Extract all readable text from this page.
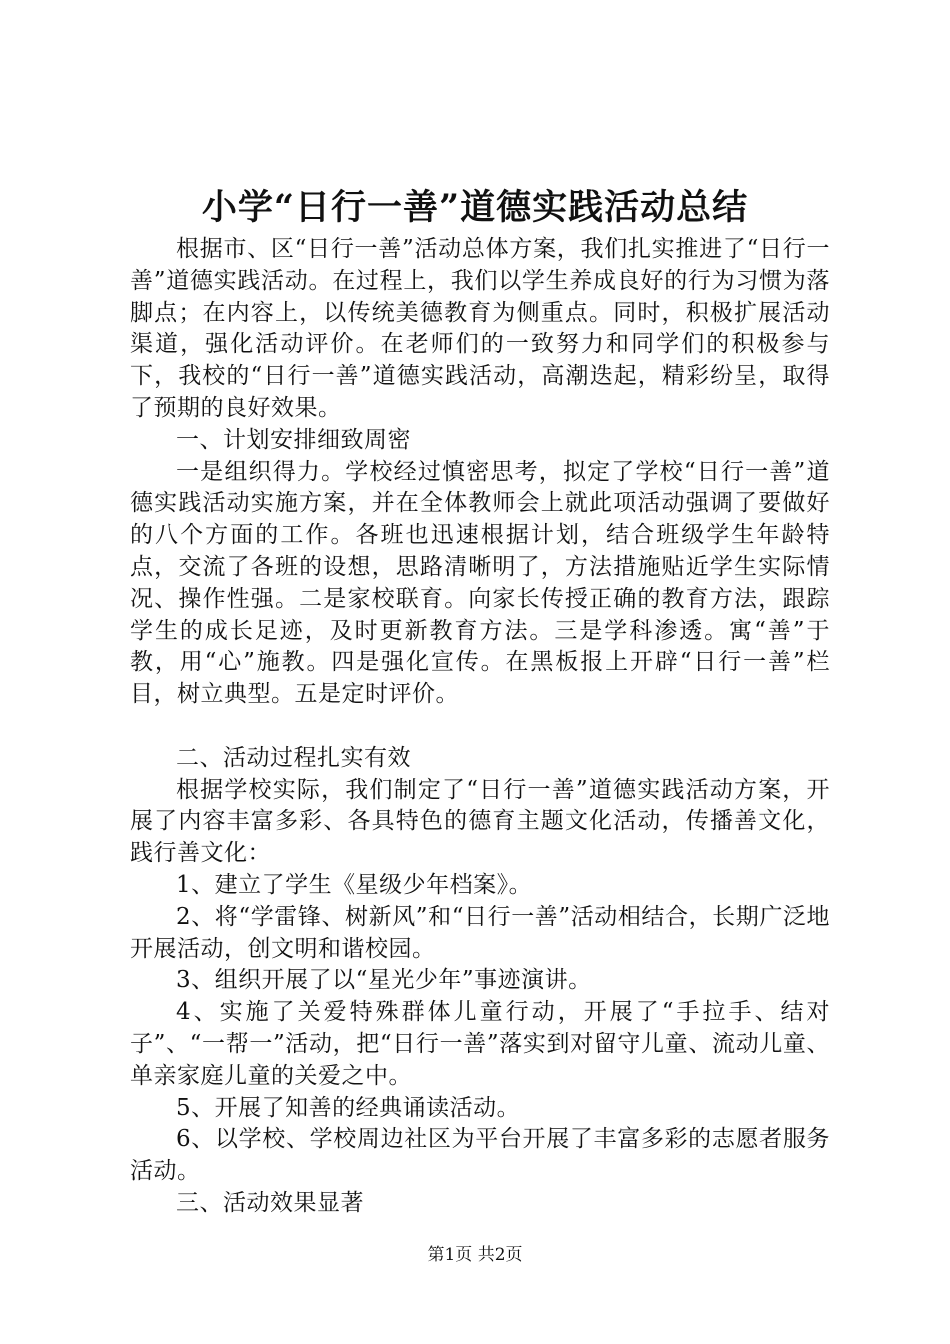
小学“日行一善”道德实践活动总结

根据市、区“日行一善”活动总体方案，我们扎实推进了“日行一善”道德实践活动。在过程上，我们以学生养成良好的行为习惯为落脚点；在内容上，以传统美德教育为侧重点。同时，积极扩展活动渠道，强化活动评价。在老师们的一致努力和同学们的积极参与下，我校的“日行一善”道德实践活动，高潮迭起，精彩纷呈，取得了预期的良好效果。

一、计划安排细致周密

一是组织得力。学校经过慎密思考，拟定了学校“日行一善”道德实践活动实施方案，并在全体教师会上就此项活动强调了要做好的八个方面的工作。各班也迅速根据计划，结合班级学生年龄特点，交流了各班的设想，思路清晰明了，方法措施贴近学生实际情况、操作性强。二是家校联育。向家长传授正确的教育方法，跟踪学生的成长足迹，及时更新教育方法。三是学科渗透。寓“善”于教，用“心”施教。四是强化宣传。在黑板报上开辟“日行一善”栏目，树立典型。五是定时评价。

二、活动过程扎实有效

根据学校实际，我们制定了“日行一善”道德实践活动方案，开展了内容丰富多彩、各具特色的德育主题文化活动，传播善文化，践行善文化：

1、建立了学生《星级少年档案》。

2、将“学雷锋、树新风”和“日行一善”活动相结合，长期广泛地开展活动，创文明和谐校园。

3、组织开展了以“星光少年”事迹演讲。

4、实施了关爱特殊群体儿童行动，开展了“手拉手、结对子”、“一帮一”活动，把“日行一善”落实到对留守儿童、流动儿童、单亲家庭儿童的关爱之中。

5、开展了知善的经典诵读活动。

6、以学校、学校周边社区为平台开展了丰富多彩的志愿者服务活动。

三、活动效果显著

第1页 共2页
